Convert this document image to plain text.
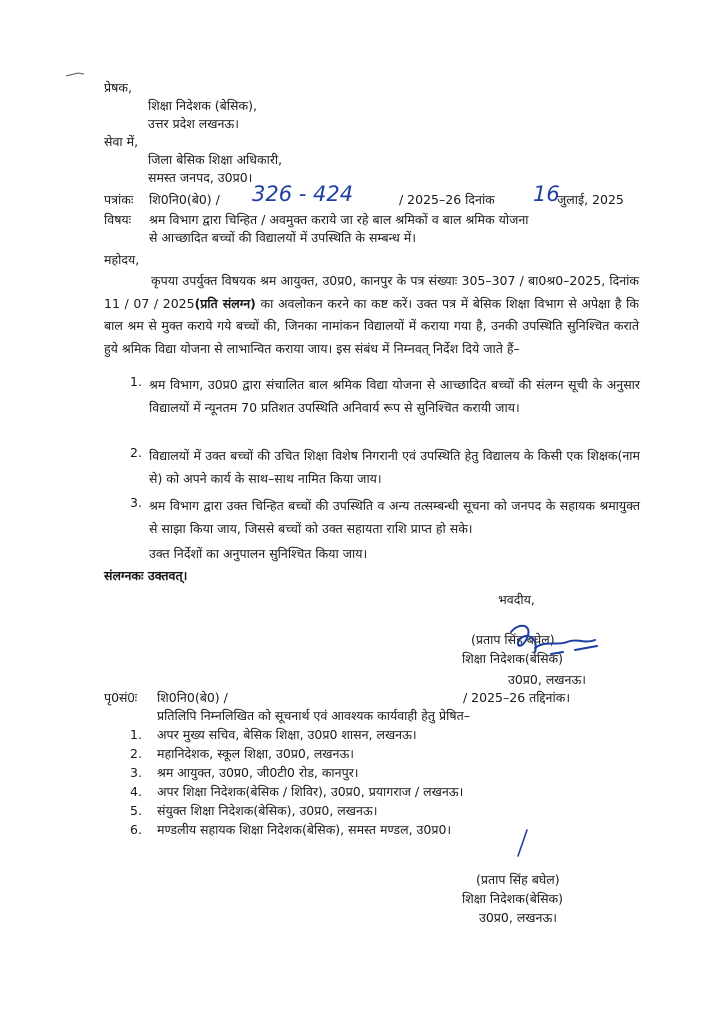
प्रेषक,
शिक्षा निदेशक (बेसिक),
उत्तर प्रदेश लखनऊ।
सेवा में,
जिला बेसिक शिक्षा अधिकारी,
समस्त जनपद, उ0प्र0।
पत्रांकः शि0नि0(बे0) / 326 - 424	/ 2025–26 दिनांक 16
जुलाई, 2025
विषयः श्रम विभाग द्वारा चिन्हित / अवमुक्त कराये जा रहे बाल श्रमिकों व बाल श्रमिक योजना
से आच्छादित बच्चों की विद्यालयों में उपस्थिति के सम्बन्ध में।
महोदय,
कृपया उपर्युक्त विषयक श्रम आयुक्त, उ0प्र0, कानपुर के पत्र संख्याः 305–307 / बा0श्र0–2025, दिनांक 11 / 07 / 2025(प्रति संलग्न) का अवलोकन करने का कष्ट करें। उक्त पत्र में बेसिक शिक्षा विभाग से अपेक्षा है कि बाल श्रम से मुक्त कराये गये बच्चों की, जिनका नामांकन विद्यालयों में कराया गया है, उनकी उपस्थिति सुनिश्चित कराते हुये श्रमिक विद्या योजना से लाभान्वित कराया जाय। इस संबंध में निम्नवत् निर्देश दिये जाते हैं–
1. श्रम विभाग, उ0प्र0 द्वारा संचालित बाल श्रमिक विद्या योजना से आच्छादित बच्चों की संलग्न सूची के अनुसार विद्यालयों में न्यूनतम 70 प्रतिशत उपस्थिति अनिवार्य रूप से सुनिश्चित करायी जाय।
2. विद्यालयों में उक्त बच्चों की उचित शिक्षा विशेष निगरानी एवं उपस्थिति हेतु विद्यालय के किसी एक शिक्षक(नाम से) को अपने कार्य के साथ–साथ नामित किया जाय।
3. श्रम विभाग द्वारा उक्त चिन्हित बच्चों की उपस्थिति व अन्य तत्सम्बन्धी सूचना को जनपद के सहायक श्रमायुक्त से साझा किया जाय, जिससे बच्चों को उक्त सहायता राशि प्राप्त हो सके।
उक्त निर्देशों का अनुपालन सुनिश्चित किया जाय।
संलग्नकः उक्तवत्।
भवदीय,
(प्रताप सिंह बघेल)
शिक्षा निदेशक(बेसिक)
उ0प्र0, लखनऊ।
पृ0सं0ः शि0नि0(बे0) /	/ 2025–26 तद्दिनांक।
प्रतिलिपि निम्नलिखित को सूचनार्थ एवं आवश्यक कार्यवाही हेतु प्रेषित–
1. अपर मुख्य सचिव, बेसिक शिक्षा, उ0प्र0 शासन, लखनऊ।
2. महानिदेशक, स्कूल शिक्षा, उ0प्र0, लखनऊ।
3. श्रम आयुक्त, उ0प्र0, जी0टी0 रोड, कानपुर।
4. अपर शिक्षा निदेशक(बेसिक / शिविर), उ0प्र0, प्रयागराज / लखनऊ।
5. संयुक्त शिक्षा निदेशक(बेसिक), उ0प्र0, लखनऊ।
6. मण्डलीय सहायक शिक्षा निदेशक(बेसिक), समस्त मण्डल, उ0प्र0।
(प्रताप सिंह बघेल)
शिक्षा निदेशक(बेसिक)
उ0प्र0, लखनऊ।
